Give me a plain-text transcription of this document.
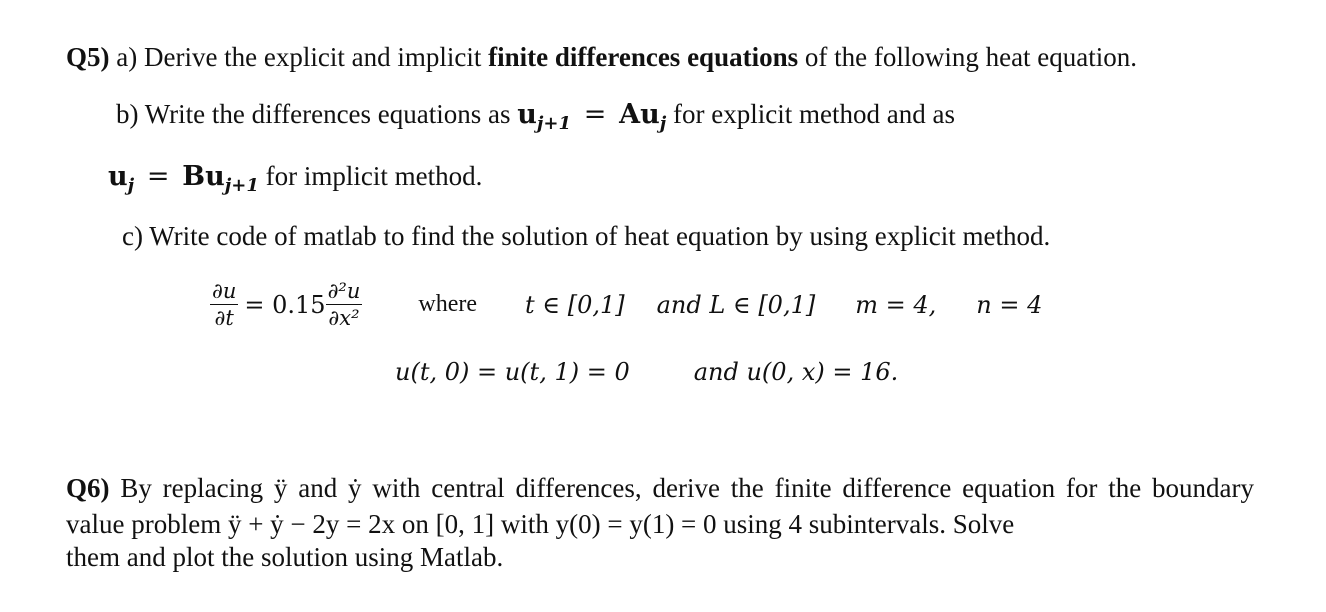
Q5) a) Derive the explicit and implicit finite differences equations of the following heat equation.
b) Write the differences equations as $u_{j+1} = Au_j$ for explicit method and as
$u_j = Bu_{j+1}$ for implicit method.
c) Write code of matlab to find the solution of heat equation by using explicit method.
$\frac{\partial u}{\partial t} = 0.15 \frac{\text{∂²u}}{\text{∂x²}}$ where t ∈ [0,1] and L ∈ [0,1] m = 4, n = 4
u(t, 0) = u(t, 1) = 0	and u(0, x) = 16.
Q6) By replacing ÿ and ẏ with central differences, derive the finite difference equation for the boundary value problem ÿ + ẏ − 2y = 2x on [0, 1] with y(0) = y(1) = 0 using 4 subintervals. Solve
them and plot the solution using Matlab.
